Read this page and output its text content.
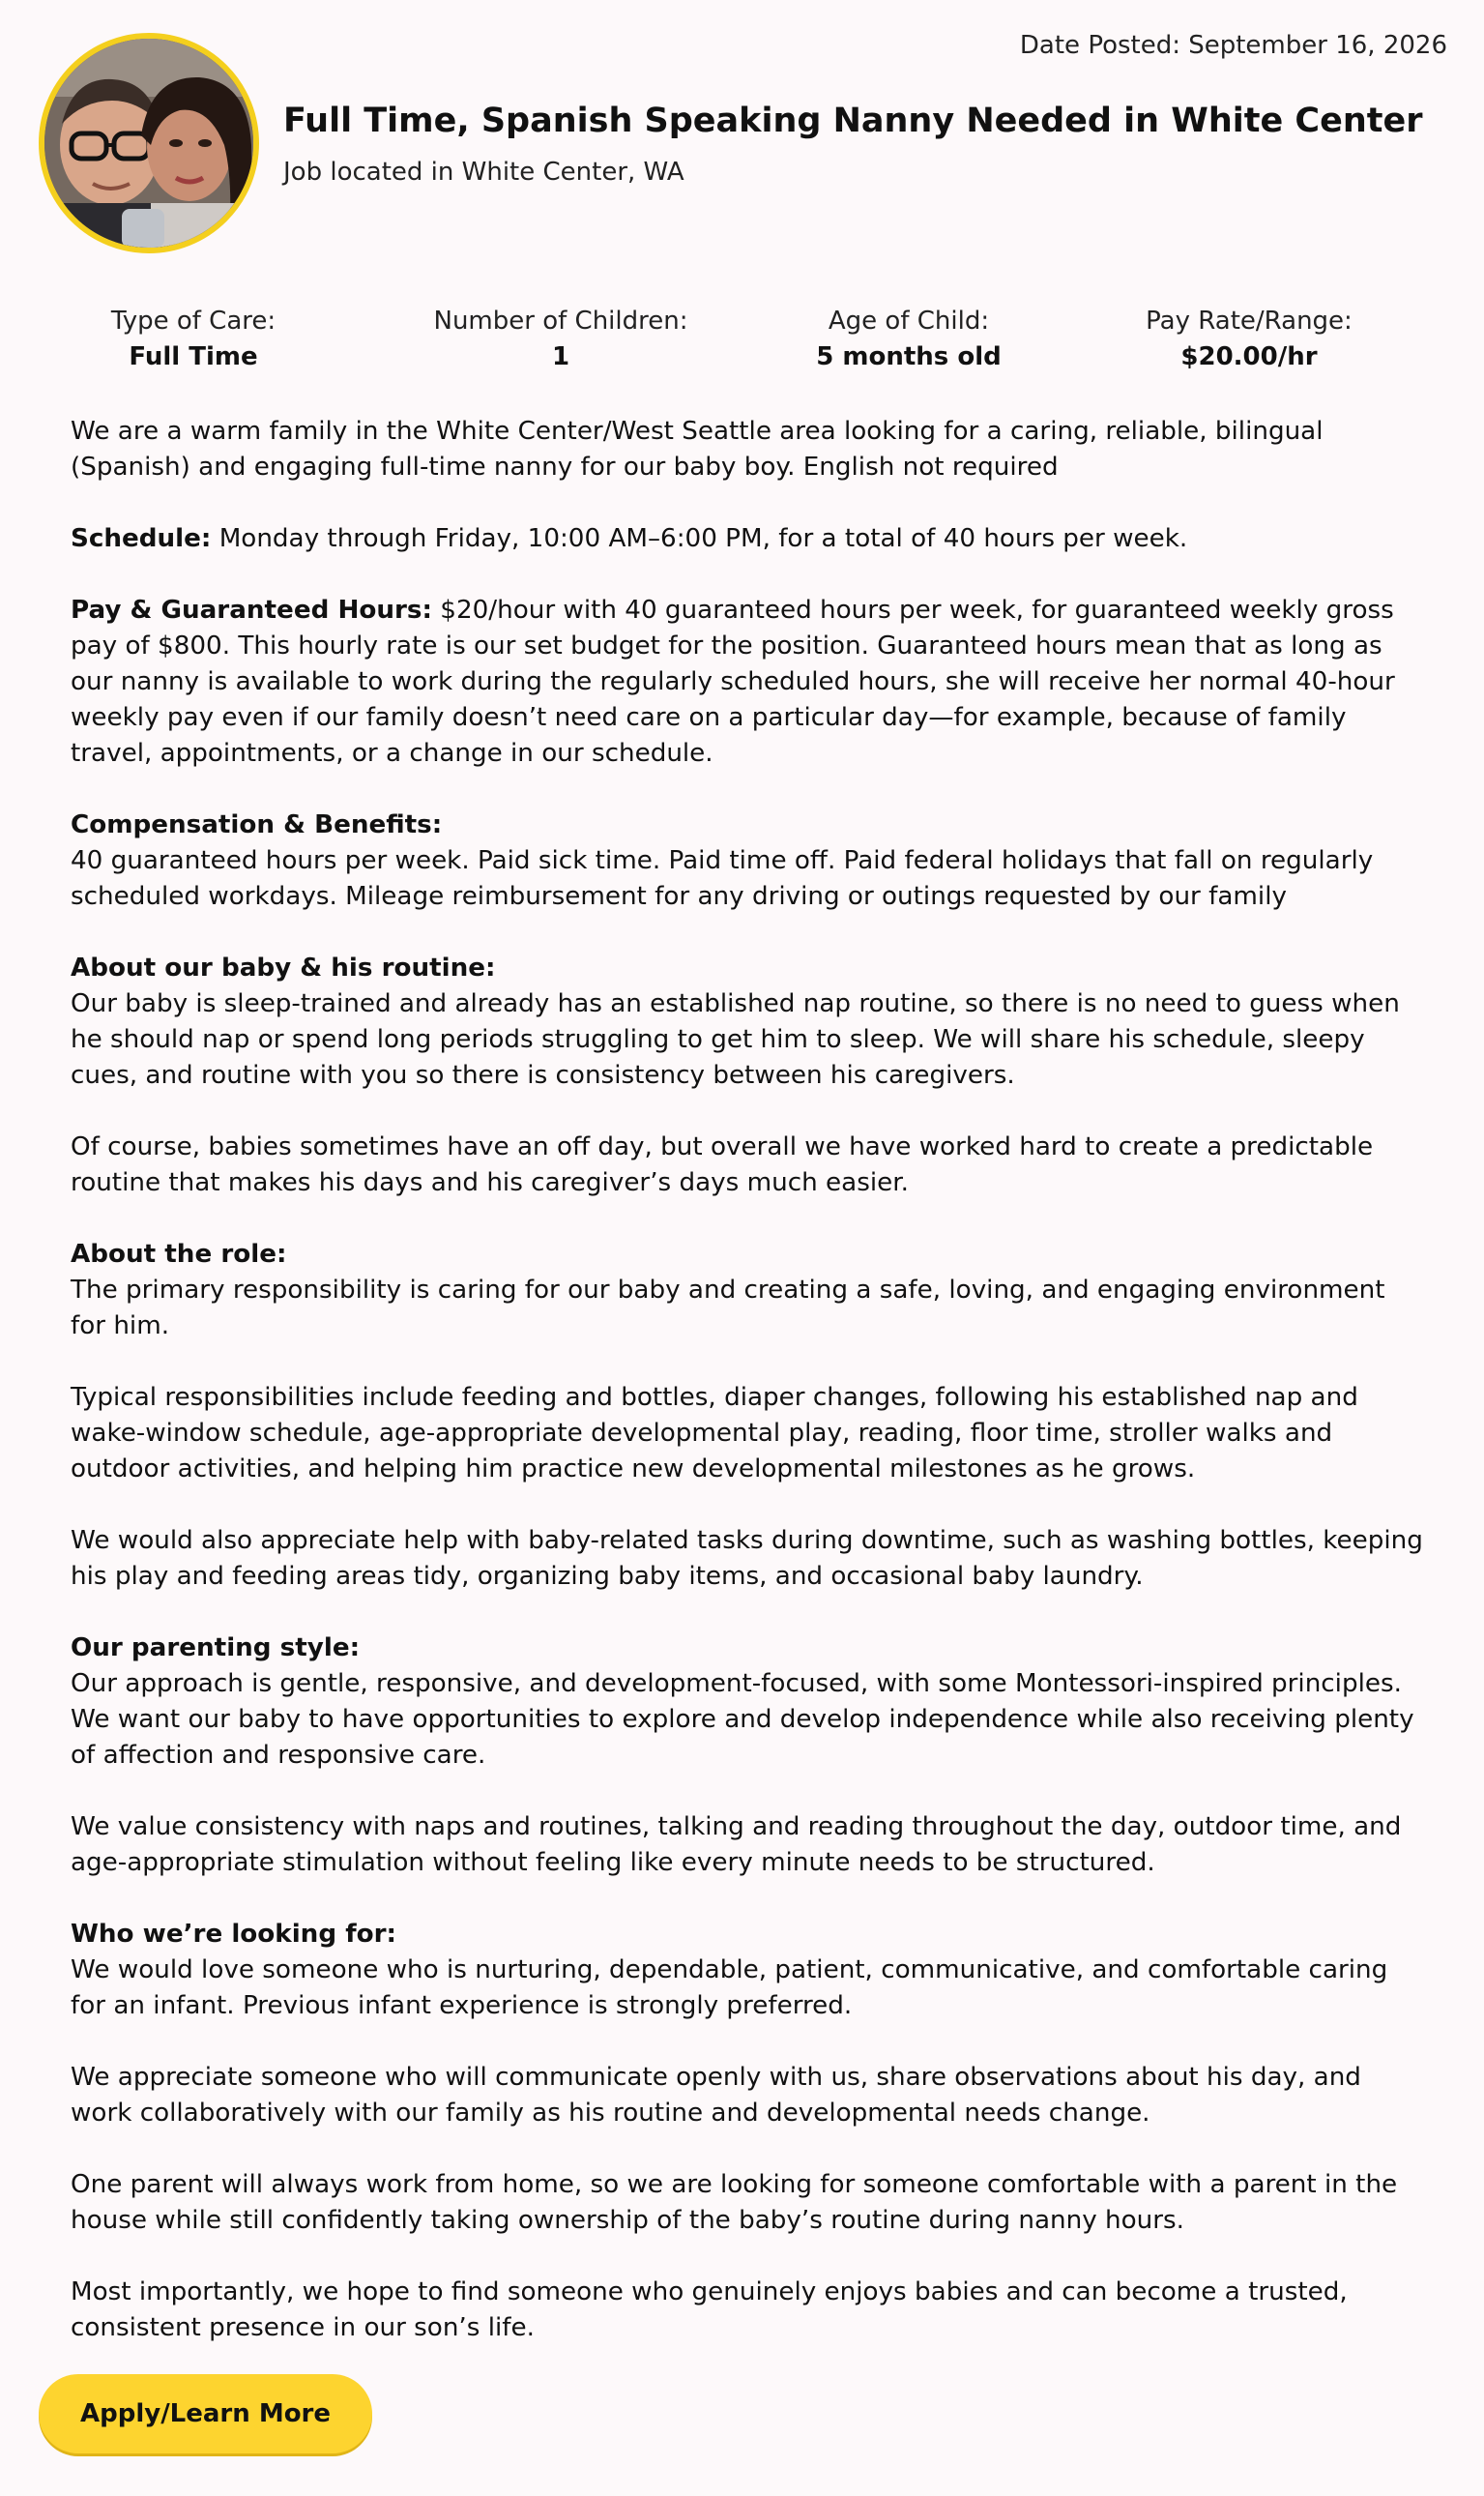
Date Posted: September 16, 2026
Full Time, Spanish Speaking Nanny Needed in White Center
Job located in White Center, WA
Type of Care:
Full Time
Number of Children:
1
Age of Child:
5 months old
Pay Rate/Range:
$20.00/hr

We are a warm family in the White Center/West Seattle area looking for a caring, reliable, bilingual (Spanish) and engaging full-time nanny for our baby boy. English not required

Schedule: Monday through Friday, 10:00 AM–6:00 PM, for a total of 40 hours per week.

Pay & Guaranteed Hours: $20/hour with 40 guaranteed hours per week, for guaranteed weekly gross pay of $800. This hourly rate is our set budget for the position. Guaranteed hours mean that as long as our nanny is available to work during the regularly scheduled hours, she will receive her normal 40-hour weekly pay even if our family doesn’t need care on a particular day—for example, because of family travel, appointments, or a change in our schedule.

Compensation & Benefits:

40 guaranteed hours per week. Paid sick time. Paid time off. Paid federal holidays that fall on regularly scheduled workdays. Mileage reimbursement for any driving or outings requested by our family

About our baby & his routine:

Our baby is sleep-trained and already has an established nap routine, so there is no need to guess when he should nap or spend long periods struggling to get him to sleep. We will share his schedule, sleepy cues, and routine with you so there is consistency between his caregivers.

Of course, babies sometimes have an off day, but overall we have worked hard to create a predictable routine that makes his days and his caregiver’s days much easier.

About the role:

The primary responsibility is caring for our baby and creating a safe, loving, and engaging environment for him.

Typical responsibilities include feeding and bottles, diaper changes, following his established nap and wake-window schedule, age-appropriate developmental play, reading, floor time, stroller walks and outdoor activities, and helping him practice new developmental milestones as he grows.

We would also appreciate help with baby-related tasks during downtime, such as washing bottles, keeping his play and feeding areas tidy, organizing baby items, and occasional baby laundry.

Our parenting style:

Our approach is gentle, responsive, and development-focused, with some Montessori-inspired principles. We want our baby to have opportunities to explore and develop independence while also receiving plenty of affection and responsive care.

We value consistency with naps and routines, talking and reading throughout the day, outdoor time, and age-appropriate stimulation without feeling like every minute needs to be structured.

Who we’re looking for:

We would love someone who is nurturing, dependable, patient, communicative, and comfortable caring for an infant. Previous infant experience is strongly preferred.

We appreciate someone who will communicate openly with us, share observations about his day, and work collaboratively with our family as his routine and developmental needs change.

One parent will always work from home, so we are looking for someone comfortable with a parent in the house while still confidently taking ownership of the baby’s routine during nanny hours.

Most importantly, we hope to find someone who genuinely enjoys babies and can become a trusted, consistent presence in our son’s life.

Apply/Learn More
